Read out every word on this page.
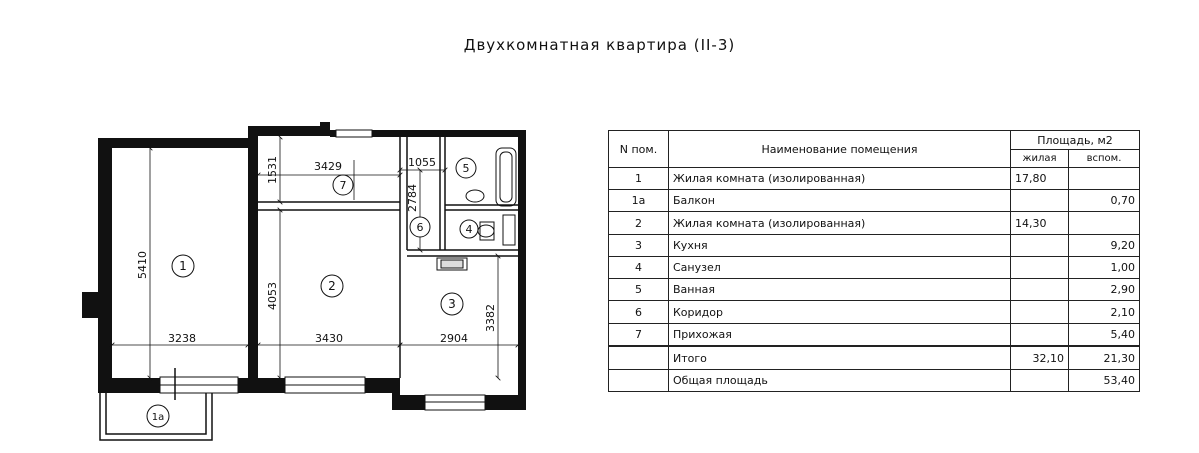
Двухкомнатная квартира (II-3)
3238	3430	2904
5410
4053
3382
3429
1531	1055
2784
1
1а
2
3
4
5
6
7
N пом.	Наименование помещения	Площадь, м2	
		жилая	вспом.
1	Жилая комната (изолированная)	17,80	
1а	Балкон		0,70
2	Жилая комната (изолированная)	14,30	
3	Кухня		9,20
4	Санузел		1,00
5	Ванная		2,90
6	Коридор		2,10
7	Прихожая		5,40

	Итого	32,10	21,30
	Общая площадь		53,40
